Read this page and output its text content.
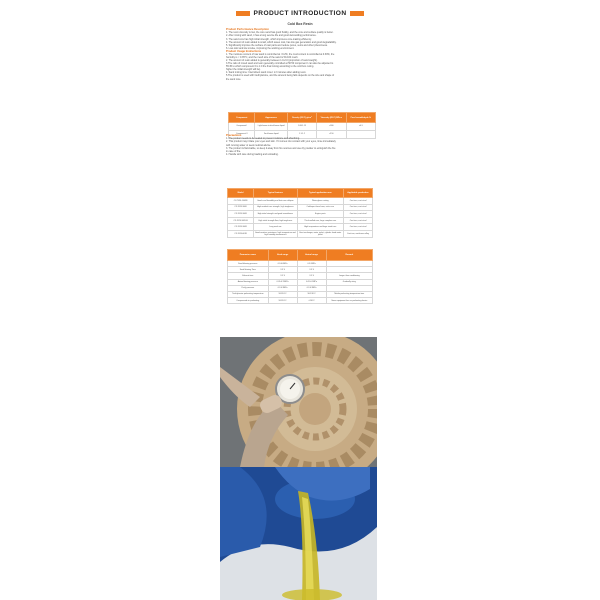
PRODUCT INTRODUCTION
Cold Box Resin
Product Performance Description

1. The resin viscosity is low, the core sand has good fluidity, and the core and surface quality is better.

2. After mixing with sand, it has a long service life and good demoulding performance.

3. The sand core has high initial strength, which improves core-making efficiency.

4. The amount of resin added is small, which saves cost, has low gas generation and good degradability.

5. Significantly improve the surface of cast parts and reduce pores, veins and other phenomena.

6. Low odor and low smoke, improving the working environment.

Product Usage Instructions

1. The moisture content of raw sand is controlled at <0.2%, the mud content is controlled at 0.30%, the

humidity is < 0.35°C, and the mesh size of the sand is 50-100 mesh.

2. The amount of resin added is generally between 1.0-2.0 (proportion of sand weight).

3.The ratio of mixed sand and resin generally controlled at 50:50 component I can also be adjusted to

55:45 to which component II is 1:0 the final mixing according to the cold box curing.

higher the initial strength will be).

4. Sand mixing time: Intermittent sand mixer: 2-3 minutes after adding resin.

5.The product is used with triethylamine, and the amount being falls depends on the size and shape of

the sand core.

Component	Appearance	Density (25°C) g/cm³	Viscosity (25°C) MPa·s	Free formaldehyde %
Component I	Light brown to dark brown liquid	1.08-1.15	≤300	≤0.3
Component II	Dark brown liquid	1.1-1.2	≤150	
Precautions

1. The product needs to be sealed to prevent moisture and absorbing.

2. This product may irritate your eyes and skin. If it comes into contact with your eyes, rinse immediately

with running water or seek medical advice.

3. The product is flammable, so keep it away from fire sources and use dry powder to extinguish the fire

in case of fire.

4. Handle with care during loading and unloading.

Model	Typical features	Typical application area	Applicable production
CX-7024-1003B	Good core flowability and fast core collapse	Water-glass casting	Cast iron, cast steel
CX-7024-1006	High residual core strength, high toughness	Cold-open faced core, unite core	Cast iron, cast steel
CX-7024-1008	High initial strength and good smoothness	Engine parts	Cast iron, cast steel
CX-7024-1009-B	High initial strength flow, high toughness	Thick-walled core, large complex core	Cast iron, cast steel
CX-7024-1008	Long work use	High temperature and large sized core	Cast iron, cast steel
CX-7024-0018	Good moisture resistance, high temperature and high humidity environment	Heat exchanger, water jacket, cylinder head water jacket	Cast iron, nonferrous alloy
Parameter name	Used range	Actual range	Remark
Sand blowing pressure	0.3-0.6MPa	0.5-5MPa	
Sand blowing Time	2-3 S	2-3 S	
Exhaust time	2-5 S	2-5 S	Longer than conditioning
Amine blowing pressure	0.05-0.15MPa	0.05-0.1MPa	Gradually rising
Purify pressure	0.2-0.3MPa	0.2-0.3MPa	
Triethylamine preheating temperature	90-110°C	90-130°C	Nitride preheating temperature time
Compressed air preheating	90-110°C	≥110°C	Some equipment has no preheating device
